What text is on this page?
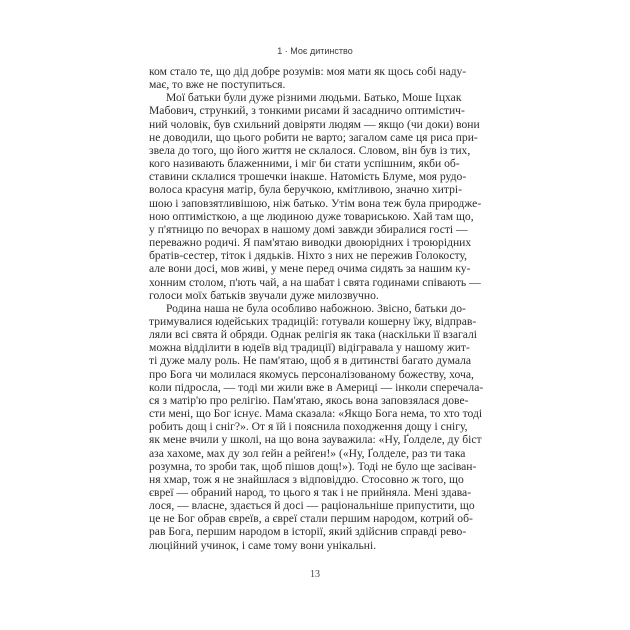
1 · Моє дитинство
ком стало те, що дід добре розумів: моя мати як щось собі наду-
має, то вже не поступиться.
Мої батьки були дуже різними людьми. Батько, Моше Іцхак
Мабович, стрункий, з тонкими рисами й засадничо оптимістич-
ний чоловік, був схильний довіряти людям — якщо (чи доки) вони
не доводили, що цього робити не варто; загалом саме ця риса при-
звела до того, що його життя не склалося. Словом, він був із тих,
кого називають блаженними, і міг би стати успішним, якби об-
ставини склалися трошечки інакше. Натомість Блуме, моя рудо-
волоса красуня матір, була беручкою, кмітливою, значно хитрі-
шою і заповзятливішою, ніж батько. Утім вона теж була природже-
ною оптимісткою, а ще людиною дуже товариською. Хай там що,
у п'ятницю по вечорах в нашому домі завжди збиралися гості —
переважно родичі. Я пам'ятаю виводки двоюрідних і троюрідних
братів-сестер, тіток і дядьків. Ніхто з них не пережив Голокосту,
але вони досі, мов живі, у мене перед очима сидять за нашим ку-
хонним столом, п'ють чай, а на шабат і свята годинами співають —
голоси моїх батьків звучали дуже милозвучно.
Родина наша не була особливо набожною. Звісно, батьки до-
тримувалися юдейських традицій: готували кошерну їжу, відправ-
ляли всі свята й обряди. Однак релігія як така (наскільки її взагалі
можна відділити в юдеїв від традиції) відігравала у нашому жит-
ті дуже малу роль. Не пам'ятаю, щоб я в дитинстві багато думала
про Бога чи молилася якомусь персоналізованому божеству, хоча,
коли підросла, — тоді ми жили вже в Америці — інколи сперечала-
ся з матір'ю про релігію. Пам'ятаю, якось вона заповзялася дове-
сти мені, що Бог існує. Мама сказала: «Якщо Бога нема, то хто тоді
робить дощ і сніг?». От я їй і пояснила походження дощу і снігу,
як мене вчили у школі, на що вона зауважила: «Ну, Ґолделе, ду біст
аза хахоме, мах ду зол ґейн а рейґен!» («Ну, Ґолделе, раз ти така
розумна, то зроби так, щоб пішов дощ!»). Тоді не було ще засіван-
ня хмар, тож я не знайшлася з відповіддю. Стосовно ж того, що
євреї — обраний народ, то цього я так і не прийняла. Мені здава-
лося, — власне, здається й досі — раціональніше припустити, що
це не Бог обрав євреїв, а євреї стали першим народом, котрий об-
рав Бога, першим народом в історії, який здійснив справді рево-
люційний учинок, і саме тому вони унікальні.
13
